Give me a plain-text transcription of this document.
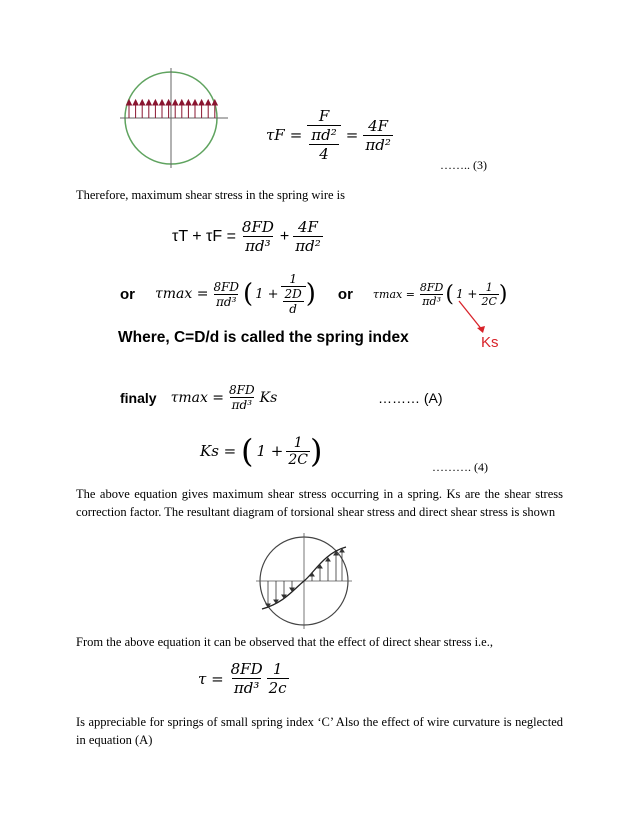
$\tau F = \frac{F}{\frac{\text{πd²}}{4}} = \frac{4F}{\text{πd²}}$
…….. (3)
Therefore, maximum shear stress in the spring wire is
$\tau T + \tau F = \frac{8FD}{\text{πd³}} + \frac{4F}{\text{πd²}}$
or $\tau\max = \frac{8FD}{\text{πd³}}$ ( $1 + \frac{1}{\frac{2D}{d}}$ ) or $\tau\max = \frac{8FD}{\text{πd³}}$ ( $1 + \frac{1}{2C}$ )
Ks
Where, C=D/d is called the spring index
finaly $\tau\max = \frac{8FD}{\text{πd³}}$ Ks	……… (A)
Ks = ( $1 + \frac{1}{2C}$ )	………. (4)
The above equation gives maximum shear stress occurring in a spring. Ks are the shear stress correction factor. The resultant diagram of torsional shear stress and direct shear stress is shown
From the above equation it can be observed that the effect of direct shear stress i.e.,
$\tau = \frac{8FD}{\text{πd³}} \frac{1}{2c}$
Is appreciable for springs of small spring index ‘C’ Also the effect of wire curvature is neglected in equation (A)
